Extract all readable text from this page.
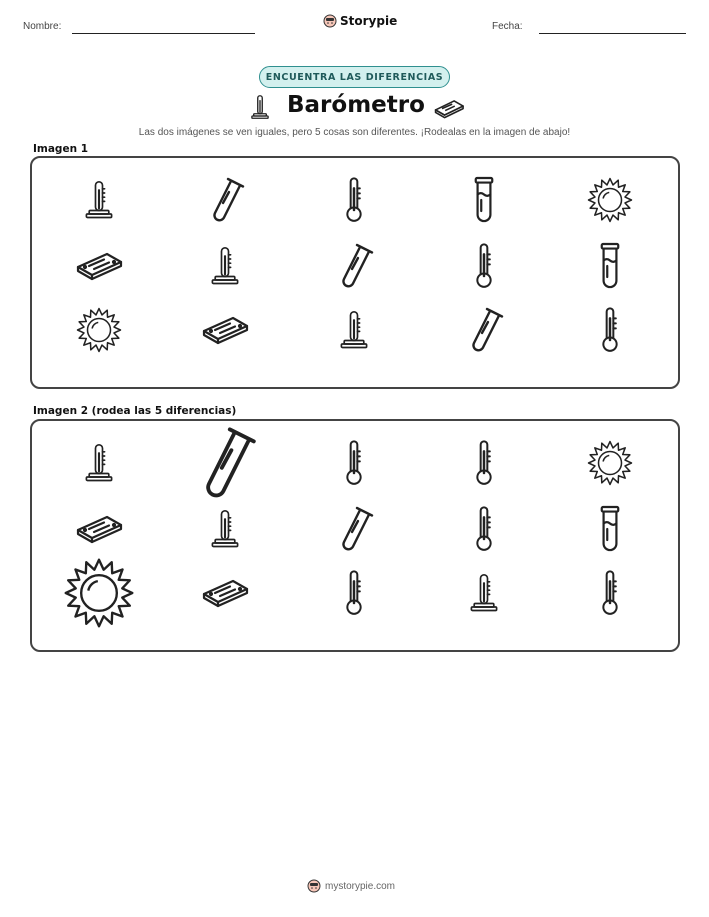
Nombre:	Storypie	Fecha:
ENCUENTRA LAS DIFERENCIAS
Barómetro
Las dos imágenes se ven iguales, pero 5 cosas son diferentes. ¡Rodealas en la imagen de abajo!
Imagen 1
Imagen 2 (rodea las 5 diferencias)
mystorypie.com
